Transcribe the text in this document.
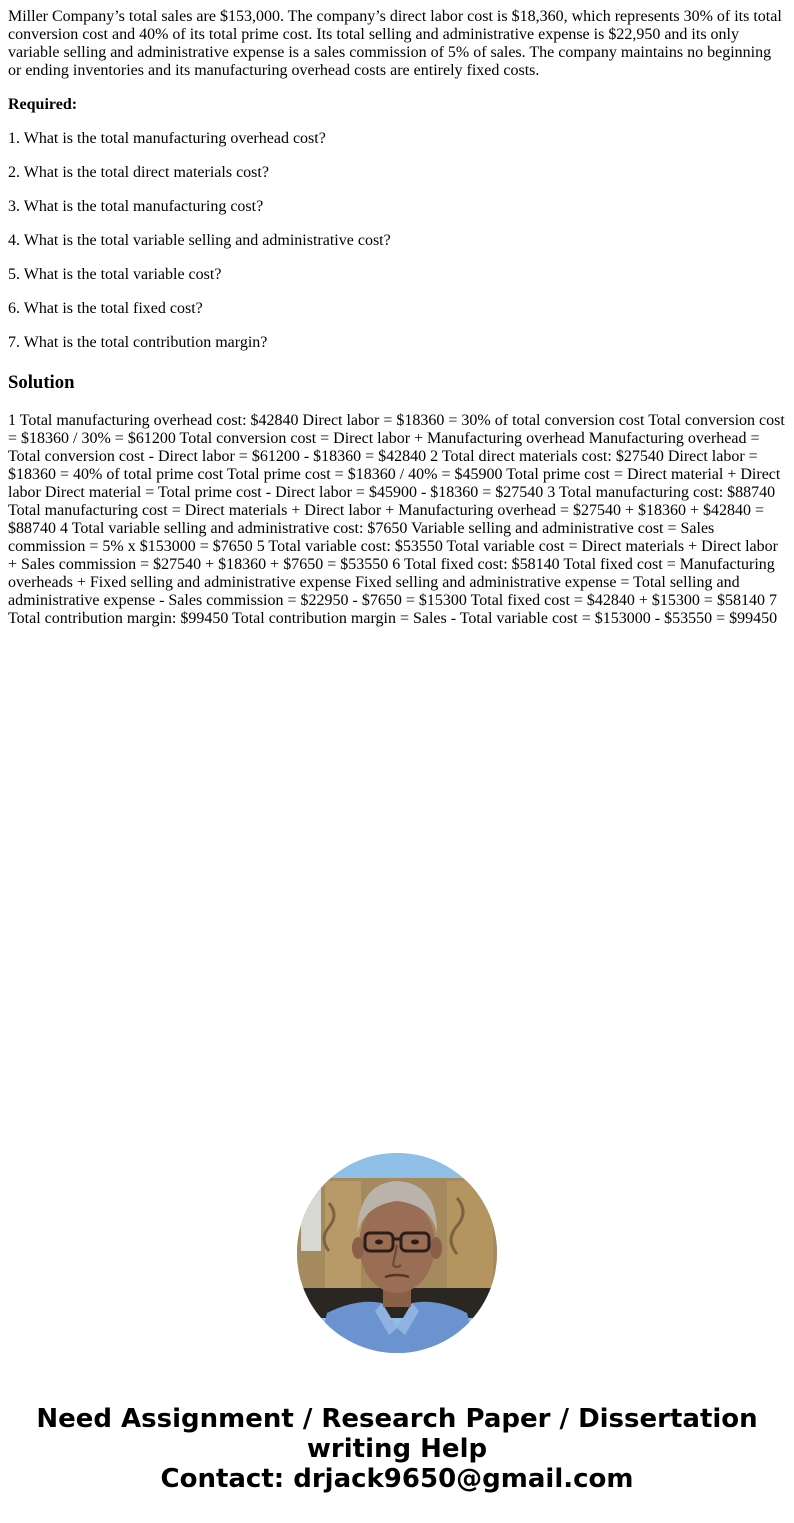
Miller Company’s total sales are $153,000. The company’s direct labor cost is $18,360, which represents 30% of its total conversion cost and 40% of its total prime cost. Its total selling and administrative expense is $22,950 and its only variable selling and administrative expense is a sales commission of 5% of sales. The company maintains no beginning or ending inventories and its manufacturing overhead costs are entirely fixed costs.

Required:

1. What is the total manufacturing overhead cost?

2. What is the total direct materials cost?

3. What is the total manufacturing cost?

4. What is the total variable selling and administrative cost?

5. What is the total variable cost?

6. What is the total fixed cost?

7. What is the total contribution margin?

Solution

1 Total manufacturing overhead cost: $42840 Direct labor = $18360 = 30% of total conversion cost Total conversion cost = $18360 / 30% = $61200 Total conversion cost = Direct labor + Manufacturing overhead Manufacturing overhead = Total conversion cost - Direct labor = $61200 - $18360 = $42840 2 Total direct materials cost: $27540 Direct labor = $18360 = 40% of total prime cost Total prime cost = $18360 / 40% = $45900 Total prime cost = Direct material + Direct labor Direct material = Total prime cost - Direct labor = $45900 - $18360 = $27540 3 Total manufacturing cost: $88740 Total manufacturing cost = Direct materials + Direct labor + Manufacturing overhead = $27540 + $18360 + $42840 = $88740 4 Total variable selling and administrative cost: $7650 Variable selling and administrative cost = Sales commission = 5% x $153000 = $7650 5 Total variable cost: $53550 Total variable cost = Direct materials + Direct labor + Sales commission = $27540 + $18360 + $7650 = $53550 6 Total fixed cost: $58140 Total fixed cost = Manufacturing overheads + Fixed selling and administrative expense Fixed selling and administrative expense = Total selling and administrative expense - Sales commission = $22950 - $7650 = $15300 Total fixed cost = $42840 + $15300 = $58140 7 Total contribution margin: $99450 Total contribution margin = Sales - Total variable cost = $153000 - $53550 = $99450

Need Assignment / Research Paper / Dissertation
writing Help
Contact: drjack9650@gmail.com
